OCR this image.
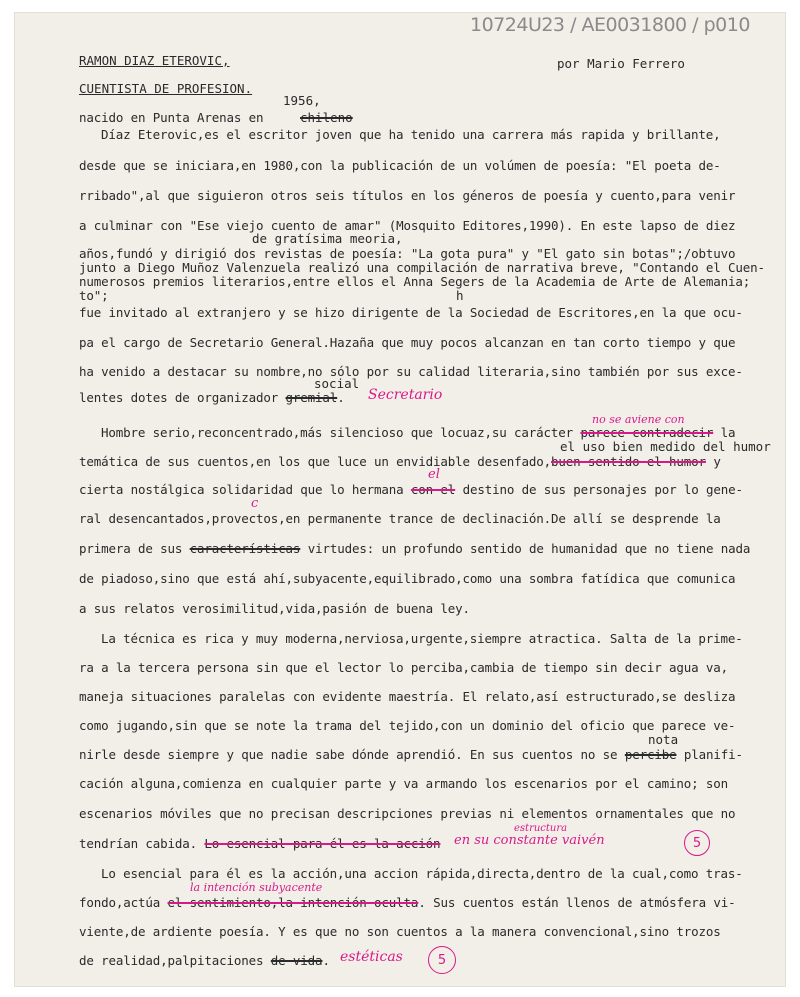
10724U23 / AE0031800 / p010
RAMON DIAZ ETEROVIC,	por Mario Ferrero
CUENTISTA DE PROFESION.
1956,
nacido en Punta Arenas en	chileno
Díaz Eterovic,es el escritor joven que ha tenido una carrera más rapida y brillante,
desde que se iniciara,en 1980,con la publicación de un volúmen de poesía: "El poeta de-
rribado",al que siguieron otros seis títulos en los géneros de poesía y cuento,para venir
a culminar con "Ese viejo cuento de amar" (Mosquito Editores,1990). En este lapso de diez
de gratísima meoria,
años,fundó y dirigió dos revistas de poesía: "La gota pura" y "El gato sin botas";/obtuvo
junto a Diego Muñoz Valenzuela realizó una compilación de narrativa breve, "Contando el Cuen-
numerosos premios literarios,entre ellos el Anna Segers de la Academia de Arte de Alemania;
to";	h
fue invitado al extranjero y se hizo dirigente de la Sociedad de Escritores,en la que ocu-
pa el cargo de Secretario General.Hazaña que muy pocos alcanzan en tan corto tiempo y que
ha venido a destacar su nombre,no sólo por su calidad literaria,sino también por sus exce-
social
lentes dotes de organizador gremial. Secretario
no se aviene con
Hombre serio,reconcentrado,más silencioso que locuaz,su carácter parece contradecir la
el uso bien medido del humor
temática de sus cuentos,en los que luce un envidiable desenfado,buen sentido el humor y
el
cierta nostálgica solidaridad que lo hermana con el destino de sus personajes por lo gene-
c
ral desencantados,provectos,en permanente trance de declinación.De allí se desprende la
primera de sus características virtudes: un profundo sentido de humanidad que no tiene nada
de piadoso,sino que está ahí,subyacente,equilibrado,como una sombra fatídica que comunica
a sus relatos verosimilitud,vida,pasión de buena ley.
La técnica es rica y muy moderna,nerviosa,urgente,siempre atractica. Salta de la prime-
ra a la tercera persona sin que el lector lo perciba,cambia de tiempo sin decir agua va,
maneja situaciones paralelas con evidente maestría. El relato,así estructurado,se desliza
como jugando,sin que se note la trama del tejido,con un dominio del oficio que parece ve-
nota
nirle desde siempre y que nadie sabe dónde aprendió. En sus cuentos no se percibe planifi-
cación alguna,comienza en cualquier parte y va armando los escenarios por el camino; son
escenarios móviles que no precisan descripciones previas ni elementos ornamentales que no
estructura
tendrían cabida. Lo esencial para él es la acción en su constante vaivén	5
Lo esencial para él es la acción,una accion rápida,directa,dentro de la cual,como tras-
la intención subyacente
fondo,actúa el sentimiento,la intención oculta. Sus cuentos están llenos de atmósfera vi-
viente,de ardiente poesía. Y es que no son cuentos a la manera convencional,sino trozos
de realidad,palpitaciones de vida. estéticas	5
